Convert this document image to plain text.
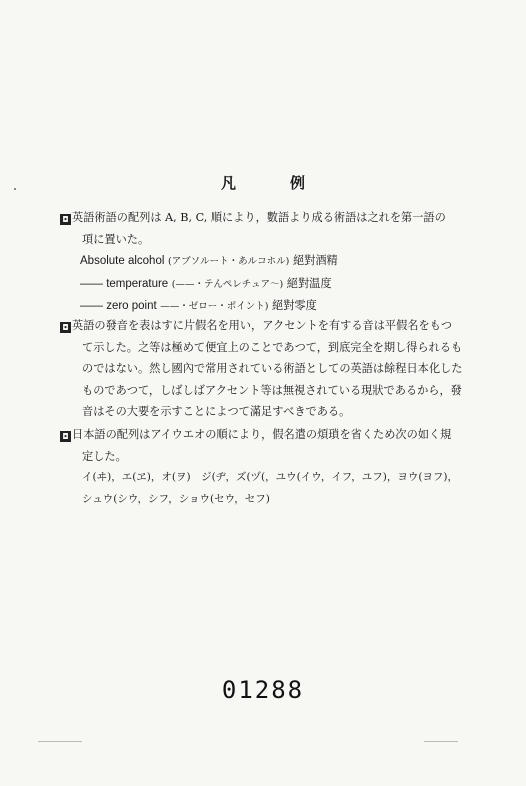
凡	例
◘ 英語術語の配列は A, B, C, 順により，數語より成る術語は之れを第一語の
項に置いた。
Absolute alcohol (アブソルート・あルコホル) 絕對酒精
—— temperature (——・テんペレチュア〜) 絕對温度
—— zero point ——・ゼロー・ポイント) 絕對零度
◘ 英語の發音を表はすに片假名を用い，アクセントを有する音は平假名をもつ
て示した。之等は極めて便宜上のことであつて，到底完全を期し得られるも
のではない。然し國內で常用されている術語としての英語は餘程日本化した
ものであつて，しばしばアクセント等は無視されている現狀であるから，發
音はその大要を示すことによつて滿足すべきである。
◘ 日本語の配列はアイウエオの順により，假名遣の煩瑣を省くため次の如く規
定した。
イ(ヰ)，エ(ヱ)，オ(ヲ)　ジ(ヂ，ズ(ヅ(，ユウ(イウ，イフ，ユフ)，ヨウ(ヨフ)，
シュウ(シウ，シフ，ショウ(セウ，セフ)
01288
